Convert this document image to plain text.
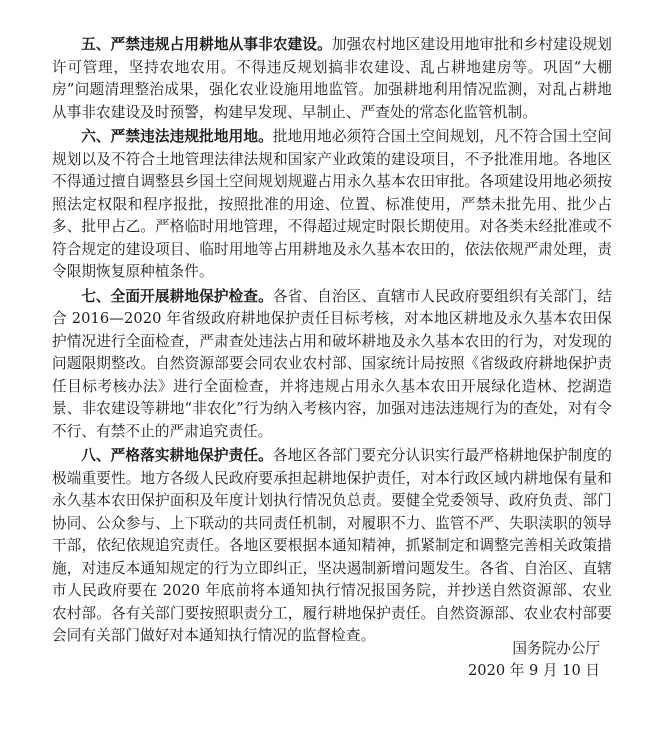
五、严禁违规占用耕地从事非农建设。加强农村地区建设用地审批和乡村建设规划许可管理，坚持农地农用。不得违反规划搞非农建设、乱占耕地建房等。巩固“大棚房”问题清理整治成果，强化农业设施用地监管。加强耕地利用情况监测，对乱占耕地从事非农建设及时预警，构建早发现、早制止、严查处的常态化监管机制。

六、严禁违法违规批地用地。批地用地必须符合国土空间规划，凡不符合国土空间规划以及不符合土地管理法律法规和国家产业政策的建设项目，不予批准用地。各地区不得通过擅自调整县乡国土空间规划规避占用永久基本农田审批。各项建设用地必须按照法定权限和程序报批，按照批准的用途、位置、标准使用，严禁未批先用、批少占多、批甲占乙。严格临时用地管理，不得超过规定时限长期使用。对各类未经批准或不符合规定的建设项目、临时用地等占用耕地及永久基本农田的，依法依规严肃处理，责令限期恢复原种植条件。

七、全面开展耕地保护检查。各省、自治区、直辖市人民政府要组织有关部门，结合 2016—2020 年省级政府耕地保护责任目标考核，对本地区耕地及永久基本农田保护情况进行全面检查，严肃查处违法占用和破坏耕地及永久基本农田的行为，对发现的问题限期整改。自然资源部要会同农业农村部、国家统计局按照《省级政府耕地保护责任目标考核办法》进行全面检查，并将违规占用永久基本农田开展绿化造林、挖湖造景、非农建设等耕地“非农化”行为纳入考核内容，加强对违法违规行为的查处，对有令不行、有禁不止的严肃追究责任。

八、严格落实耕地保护责任。各地区各部门要充分认识实行最严格耕地保护制度的极端重要性。地方各级人民政府要承担起耕地保护责任，对本行政区域内耕地保有量和永久基本农田保护面积及年度计划执行情况负总责。要健全党委领导、政府负责、部门协同、公众参与、上下联动的共同责任机制，对履职不力、监管不严、失职渎职的领导干部，依纪依规追究责任。各地区要根据本通知精神，抓紧制定和调整完善相关政策措施，对违反本通知规定的行为立即纠正，坚决遏制新增问题发生。各省、自治区、直辖市人民政府要在 2020 年底前将本通知执行情况报国务院，并抄送自然资源部、农业农村部。各有关部门要按照职责分工，履行耕地保护责任。自然资源部、农业农村部要会同有关部门做好对本通知执行情况的监督检查。

国务院办公厅
2020 年 9 月 10 日
